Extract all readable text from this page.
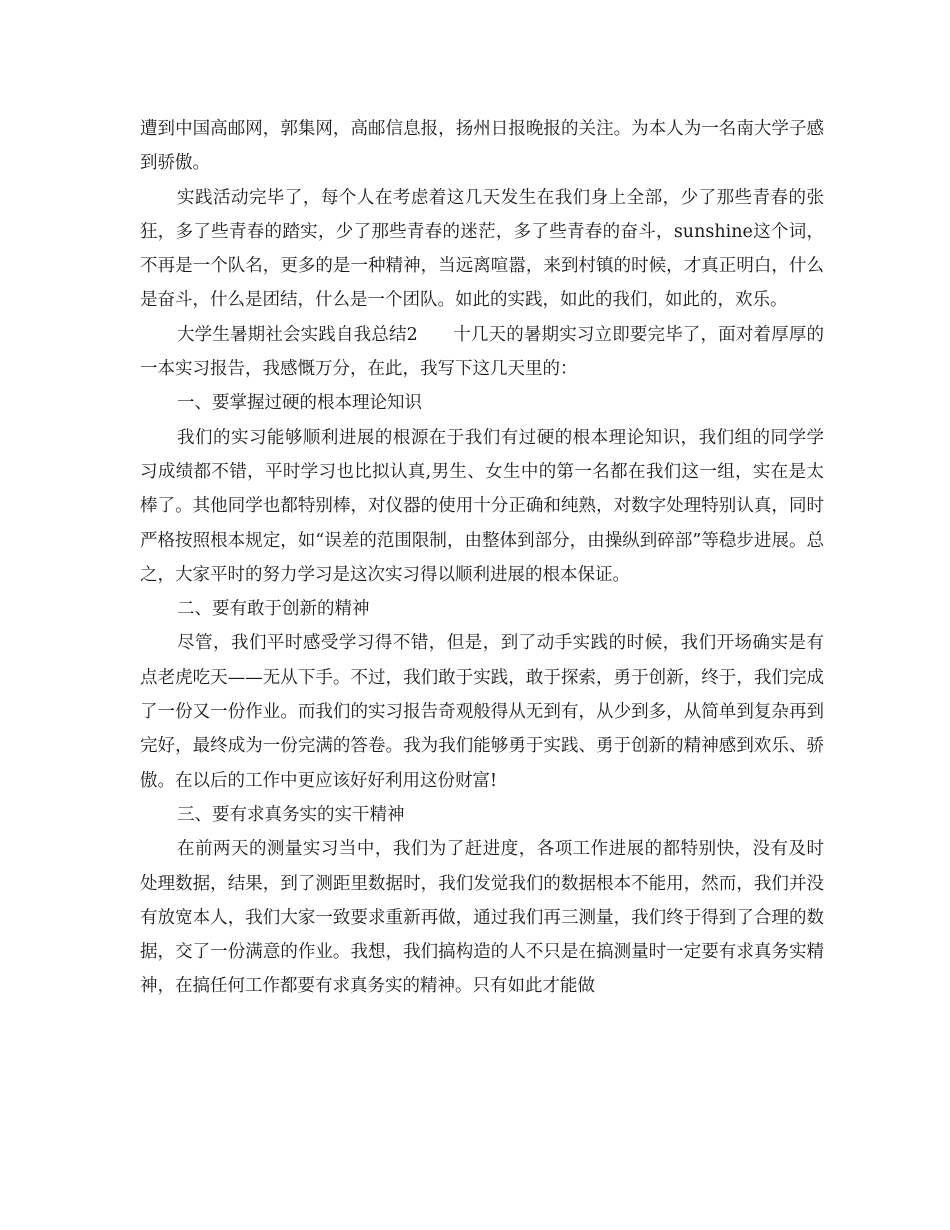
遭到中国高邮网，郭集网，高邮信息报，扬州日报晚报的关注。为本人为一名南大学子感到骄傲。

实践活动完毕了，每个人在考虑着这几天发生在我们身上全部，少了那些青春的张狂，多了些青春的踏实，少了那些青春的迷茫，多了些青春的奋斗，sunshine这个词，不再是一个队名，更多的是一种精神，当远离喧嚣，来到村镇的时候，才真正明白，什么是奋斗，什么是团结，什么是一个团队。如此的实践，如此的我们，如此的，欢乐。

大学生暑期社会实践自我总结2　　十几天的暑期实习立即要完毕了，面对着厚厚的一本实习报告，我感慨万分，在此，我写下这几天里的：

一、要掌握过硬的根本理论知识

我们的实习能够顺利进展的根源在于我们有过硬的根本理论知识，我们组的同学学习成绩都不错，平时学习也比拟认真,男生、女生中的第一名都在我们这一组，实在是太棒了。其他同学也都特别棒，对仪器的使用十分正确和纯熟，对数字处理特别认真，同时严格按照根本规定，如“误差的范围限制，由整体到部分，由操纵到碎部”等稳步进展。总之，大家平时的努力学习是这次实习得以顺利进展的根本保证。

二、要有敢于创新的精神

尽管，我们平时感受学习得不错，但是，到了动手实践的时候，我们开场确实是有点老虎吃天——无从下手。不过，我们敢于实践，敢于探索，勇于创新，终于，我们完成了一份又一份作业。而我们的实习报告奇观般得从无到有，从少到多，从简单到复杂再到完好，最终成为一份完满的答卷。我为我们能够勇于实践、勇于创新的精神感到欢乐、骄傲。在以后的工作中更应该好好利用这份财富!

三、要有求真务实的实干精神

在前两天的测量实习当中，我们为了赶进度，各项工作进展的都特别快，没有及时处理数据，结果，到了测距里数据时，我们发觉我们的数据根本不能用，然而，我们并没有放宽本人，我们大家一致要求重新再做，通过我们再三测量，我们终于得到了合理的数据，交了一份满意的作业。我想，我们搞构造的人不只是在搞测量时一定要有求真务实精神，在搞任何工作都要有求真务实的精神。只有如此才能做
